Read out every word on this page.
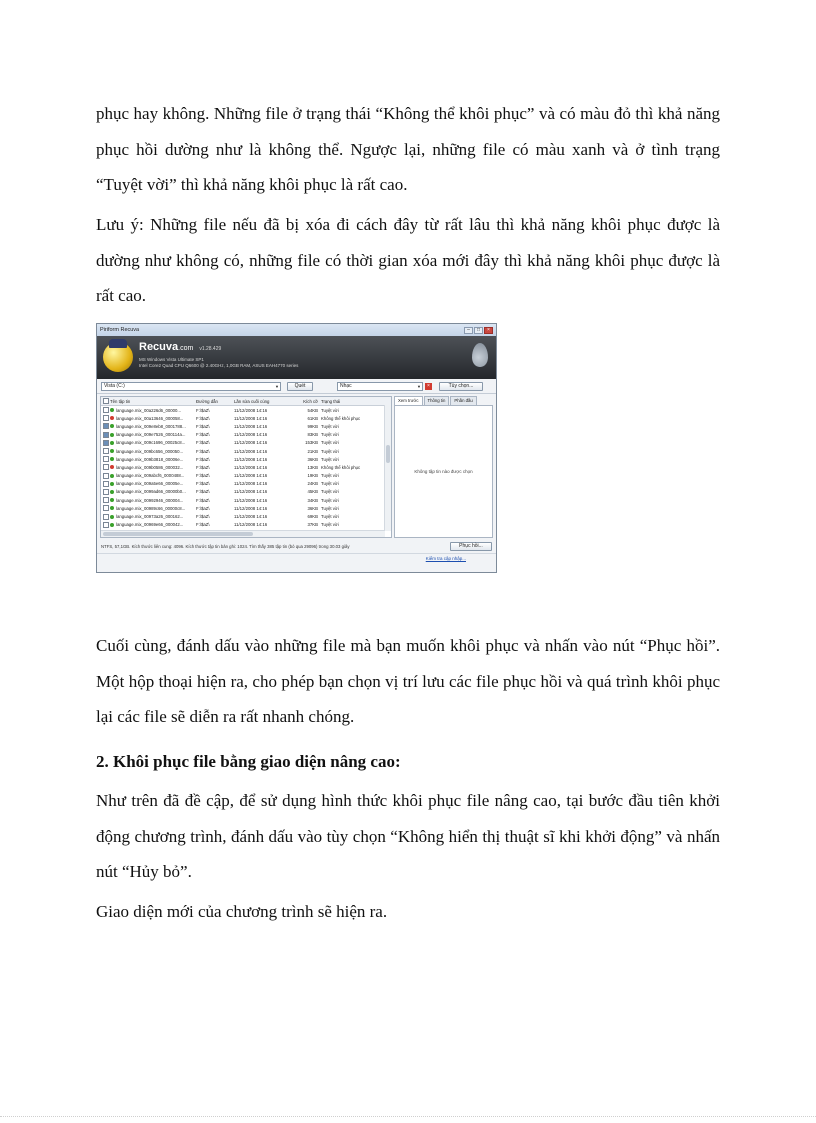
phục hay không. Những file ở trạng thái “Không thể khôi phục” và có màu đỏ thì khả năng phục hồi dường như là không thể. Ngược lại, những file có màu xanh và ở tình trạng “Tuyệt vời” thì khả năng khôi phục là rất cao.

Lưu ý: Những file nếu đã bị xóa đi cách đây từ rất lâu thì khả năng khôi phục được là dường như không có, những file có thời gian xóa mới đây thì khả năng khôi phục được là rất cao.

Piriform Recuva	–	□	×
Recuva.com v1.28.429
MS Windows Vista Ultimate SP1
Intel Core2 Quad CPU Q6600 @ 2.40GHz, 1,0GB RAM, ASUS EAH4770 series
Vista (C:)	▼	Quét	Nhạc	▼	×	Tùy chọn...
Tên tập tin	Đường dẫn	Lần sửa cuối cùng	Kích cỡ Trạng thái
language.mix_00a226d6_00000...	F:\$aZ\	11/12/2008 14:16	54KB Tuyệt vời
language.mix_00a13646_000058...	F:\$aZ\	11/12/2008 14:16	61KB Không thể khôi phục
language.mix_009e8eb8_0001788... F:\$aZ\	11/12/2008 14:16	99KB Tuyệt vời
language.mix_009e7526_000114a... F:\$aZ\	11/12/2008 14:16	83KB Tuyệt vời
language.mix_009c1696_00025c8... F:\$aZ\	11/12/2008 14:16	153KB Tuyệt vời
language.mix_009bc656_000050...	F:\$aZ\	11/12/2008 14:16	21KB Tuyệt vời
language.mix_009b3818_00006e...	F:\$aZ\	11/12/2008 14:16	36KB Tuyệt vời
language.mix_009b0586_000032...	F:\$aZ\	11/12/2008 14:16	13KB Không thể khôi phục
language.mix_009abcf6_0000488...	F:\$aZ\	11/12/2008 14:16	19KB Tuyệt vời
language.mix_009a5e66_00005e...	F:\$aZ\	11/12/2008 14:16	24KB Tuyệt vời
language.mix_0099ad66_00000b0... F:\$aZ\	11/12/2008 14:16	45KB Tuyệt vời
language.mix_00992946_000004...	F:\$aZ\	11/12/2008 14:16	34KB Tuyệt vời
language.mix_00989c66_00000c8... F:\$aZ\	11/12/2008 14:16	36KB Tuyệt vời
language.mix_00973a26_000162...	F:\$aZ\	11/12/2008 14:16	69KB Tuyệt vời
language.mix_00969e66_000042...	F:\$aZ\	11/12/2008 14:16	37KB Tuyệt vời
Xem trước	Thông tin	Phần đầu
Không tập tin nào được chọn
NTFS, 57,1GB. Kích thước liên cung: 4096. Kích thước tập tin bản ghi: 1024. Tìm thấy 385 tập tin (bỏ qua 29096) trong 30.03 giây	Phục hồi...
Kiểm tra cập nhập...

Cuối cùng, đánh dấu vào những file mà bạn muốn khôi phục và nhấn vào nút “Phục hồi”. Một hộp thoại hiện ra, cho phép bạn chọn vị trí lưu các file phục hồi và quá trình khôi phục lại các file sẽ diễn ra rất nhanh chóng.

2. Khôi phục file bằng giao diện nâng cao:

Như trên đã đề cập, để sử dụng hình thức khôi phục file nâng cao, tại bước đầu tiên khởi động chương trình, đánh dấu vào tùy chọn “Không hiển thị thuật sĩ khi khởi động” và nhấn nút “Hủy bỏ”.

Giao diện mới của chương trình sẽ hiện ra.
